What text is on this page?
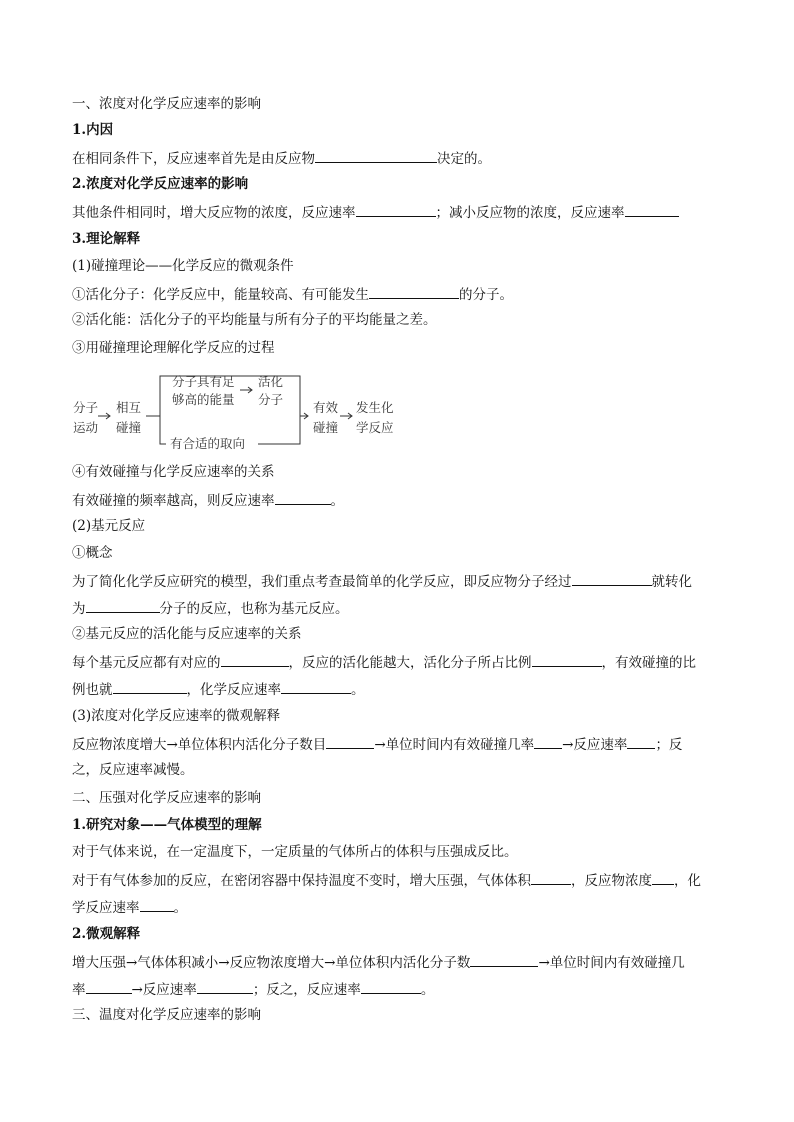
一、浓度对化学反应速率的影响
1.内因
在相同条件下，反应速率首先是由反应物	决定的。
2.浓度对化学反应速率的影响
其他条件相同时，增大反应物的浓度，反应速率	；减小反应物的浓度，反应速率
3.理论解释
(1)碰撞理论——化学反应的微观条件
①活化分子：化学反应中，能量较高、有可能发生	的分子。
②活化能：活化分子的平均能量与所有分子的平均能量之差。
③用碰撞理论理解化学反应的过程
分子
运动
相互
碰撞
分子具有足
够高的能量
活化
分子
有合适的取向
有效
碰撞
发生化
学反应
④有效碰撞与化学反应速率的关系
有效碰撞的频率越高，则反应速率	。
(2)基元反应
①概念
为了简化化学反应研究的模型，我们重点考查最简单的化学反应，即反应物分子经过	就转化
为	分子的反应，也称为基元反应。
②基元反应的活化能与反应速率的关系
每个基元反应都有对应的	，反应的活化能越大，活化分子所占比例	，有效碰撞的比
例也就	，化学反应速率	。
(3)浓度对化学反应速率的微观解释
反应物浓度增大→单位体积内活化分子数目	→单位时间内有效碰撞几率 →反应速率 ；反
之，反应速率减慢。
二、压强对化学反应速率的影响
1.研究对象——气体模型的理解
对于气体来说，在一定温度下，一定质量的气体所占的体积与压强成反比。
对于有气体参加的反应，在密闭容器中保持温度不变时，增大压强，气体体积	，反应物浓度 ，化
学反应速率	。
2.微观解释
增大压强→气体体积减小→反应物浓度增大→单位体积内活化分子数	→单位时间内有效碰撞几
率	→反应速率	；反之，反应速率	。
三、温度对化学反应速率的影响
